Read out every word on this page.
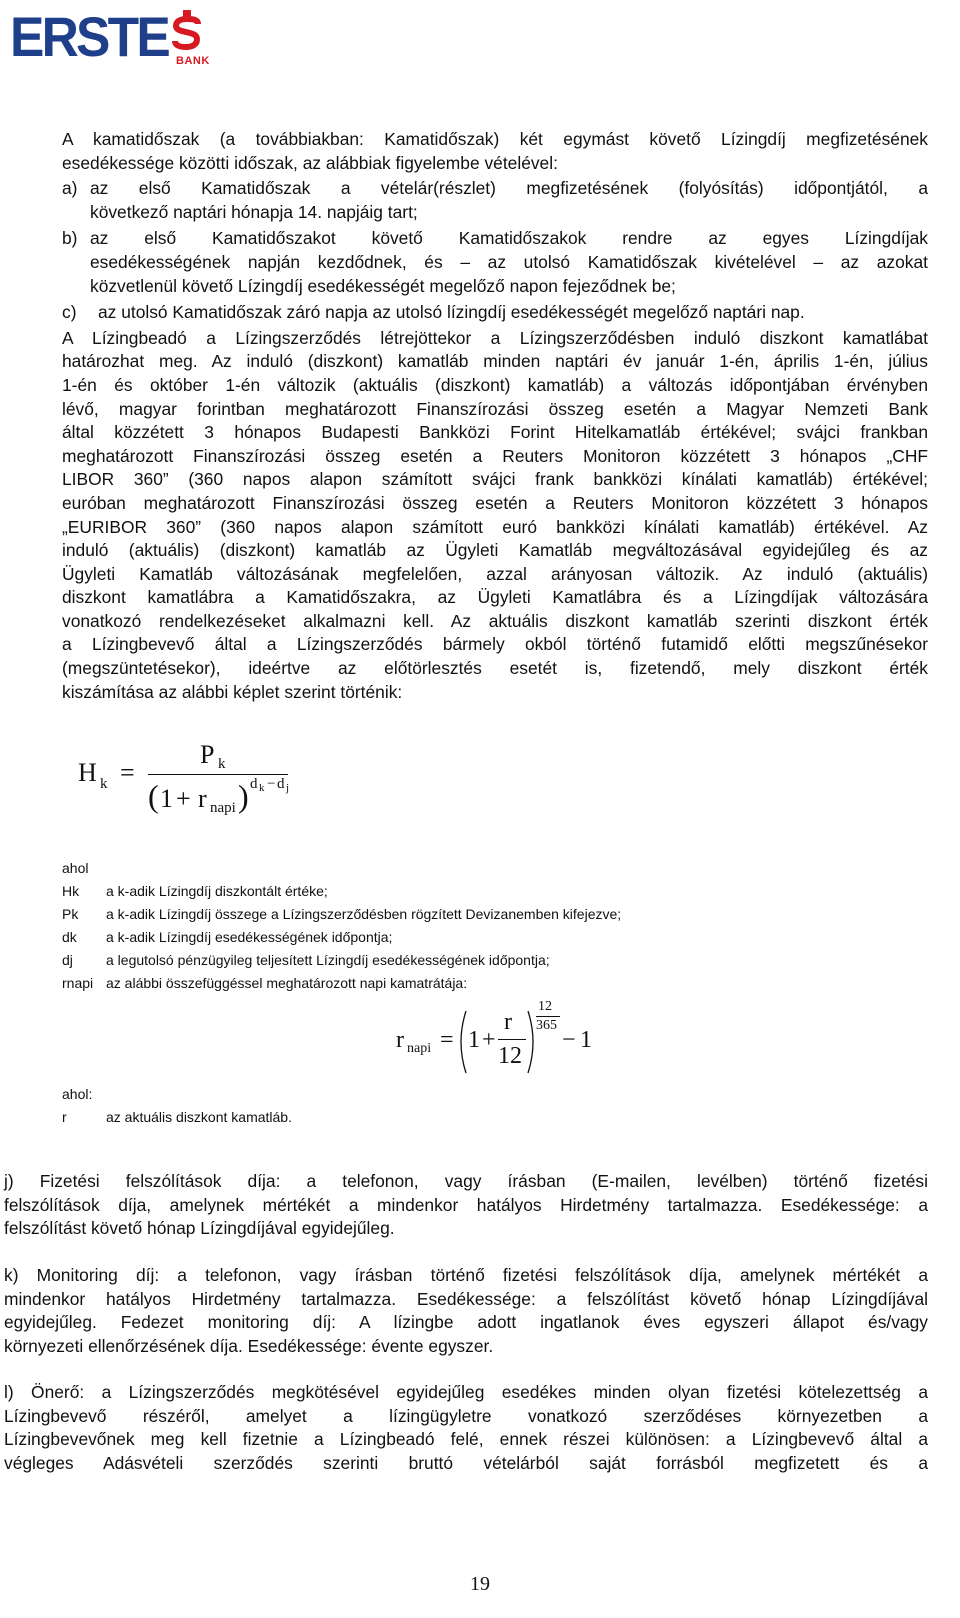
ERSTE BANK
A kamatidőszak (a továbbiakban: Kamatidőszak) két egymást követő Lízingdíj megfizetésének
esedékessége közötti időszak, az alábbiak figyelembe vételével:
a) az első Kamatidőszak a vételár(részlet) megfizetésének (folyósítás) időpontjától, a
következő naptári hónapja 14. napjáig tart;
b) az első Kamatidőszakot követő Kamatidőszakok rendre az egyes Lízingdíjak
esedékességének napján kezdődnek, és – az utolsó Kamatidőszak kivételével – az azokat
közvetlenül követő Lízingdíj esedékességét megelőző napon fejeződnek be;
c) az utolsó Kamatidőszak záró napja az utolsó lízingdíj esedékességét megelőző naptári nap.
A Lízingbeadó a Lízingszerződés létrejöttekor a Lízingszerződésben induló diszkont kamatlábat
határozhat meg. Az induló (diszkont) kamatláb minden naptári év január 1-én, április 1-én, július
1-én és október 1-én változik (aktuális (diszkont) kamatláb) a változás időpontjában érvényben
lévő, magyar forintban meghatározott Finanszírozási összeg esetén a Magyar Nemzeti Bank
által közzétett 3 hónapos Budapesti Bankközi Forint Hitelkamatláb értékével; svájci frankban
meghatározott Finanszírozási összeg esetén a Reuters Monitoron közzétett 3 hónapos „CHF
LIBOR 360” (360 napos alapon számított svájci frank bankközi kínálati kamatláb) értékével;
euróban meghatározott Finanszírozási összeg esetén a Reuters Monitoron közzétett 3 hónapos
„EURIBOR 360” (360 napos alapon számított euró bankközi kínálati kamatláb) értékével. Az
induló (aktuális) (diszkont) kamatláb az Ügyleti Kamatláb megváltozásával egyidejűleg és az
Ügyleti Kamatláb változásának megfelelően, azzal arányosan változik. Az induló (aktuális)
diszkont kamatlábra a Kamatidőszakra, az Ügyleti Kamatlábra és a Lízingdíjak változására
vonatkozó rendelkezéseket alkalmazni kell. Az aktuális diszkont kamatláb szerinti diszkont érték
a Lízingbevevő által a Lízingszerződés bármely okból történő futamidő előtti megszűnésekor
(megszüntetésekor), ideértve az előtörlesztés esetét is, fizetendő, mely diszkont érték
kiszámítása az alábbi képlet szerint történik:
H k =
P k
( 1 + r napi ) d k − d j
ahol
Hk	a k-adik Lízingdíj diszkontált értéke;
Pk	a k-adik Lízingdíj összege a Lízingszerződésben rögzített Devizanemben kifejezve;
dk	a k-adik Lízingdíj esedékességének időpontja;
dj	a legutolsó pénzügyileg teljesített Lízingdíj esedékességének időpontja;
rnapi az alábbi összefüggéssel meghatározott napi kamatrátája:
r napi = 1 +
r
12
12
365
− 1
ahol:
r	az aktuális diszkont kamatláb.
j) Fizetési felszólítások díja: a telefonon, vagy írásban (E-mailen, levélben) történő fizetési
felszólítások díja, amelynek mértékét a mindenkor hatályos Hirdetmény tartalmazza. Esedékessége: a
felszólítást követő hónap Lízingdíjával egyidejűleg.
k) Monitoring díj: a telefonon, vagy írásban történő fizetési felszólítások díja, amelynek mértékét a
mindenkor hatályos Hirdetmény tartalmazza. Esedékessége: a felszólítást követő hónap Lízingdíjával
egyidejűleg. Fedezet monitoring díj: A lízingbe adott ingatlanok éves egyszeri állapot és/vagy
környezeti ellenőrzésének díja. Esedékessége: évente egyszer.
l) Önerő: a Lízingszerződés megkötésével egyidejűleg esedékes minden olyan fizetési kötelezettség a
Lízingbevevő részéről, amelyet a lízingügyletre vonatkozó szerződéses környezetben a
Lízingbevevőnek meg kell fizetnie a Lízingbeadó felé, ennek részei különösen: a Lízingbevevő által a
végleges Adásvételi szerződés szerinti bruttó vételárból saját forrásból megfizetett és a
19
